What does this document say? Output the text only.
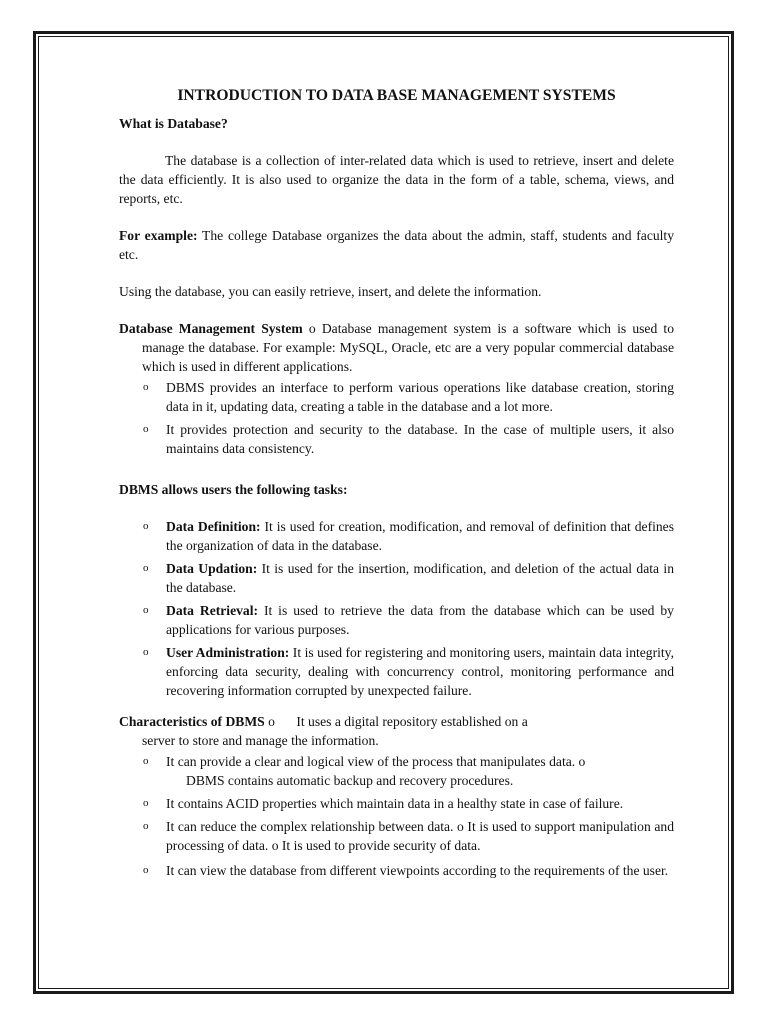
INTRODUCTION TO DATA BASE MANAGEMENT SYSTEMS

What is Database?

The database is a collection of inter-related data which is used to retrieve, insert and delete the data efficiently. It is also used to organize the data in the form of a table, schema, views, and reports, etc.

For example: The college Database organizes the data about the admin, staff, students and faculty etc.

Using the database, you can easily retrieve, insert, and delete the information.

Database Management System o Database management system is a software which is used to manage the database. For example: MySQL, Oracle, etc are a very popular commercial database which is used in different applications.

o DBMS provides an interface to perform various operations like database creation, storing data in it, updating data, creating a table in the database and a lot more.
o It provides protection and security to the database. In the case of multiple users, it also maintains data consistency.

DBMS allows users the following tasks:

o Data Definition: It is used for creation, modification, and removal of definition that defines the organization of data in the database.
o Data Updation: It is used for the insertion, modification, and deletion of the actual data in the database.
o Data Retrieval: It is used to retrieve the data from the database which can be used by applications for various purposes.
o User Administration: It is used for registering and monitoring users, maintain data integrity, enforcing data security, dealing with concurrency control, monitoring performance and recovering information corrupted by unexpected failure.

Characteristics of DBMS o It uses a digital repository established on a

server to store and manage the information.

o It can provide a clear and logical view of the process that manipulates data. o
DBMS contains automatic backup and recovery procedures.
o It contains ACID properties which maintain data in a healthy state in case of failure.
o It can reduce the complex relationship between data. o It is used to support manipulation and processing of data. o It is used to provide security of data.
o It can view the database from different viewpoints according to the requirements of the user.
